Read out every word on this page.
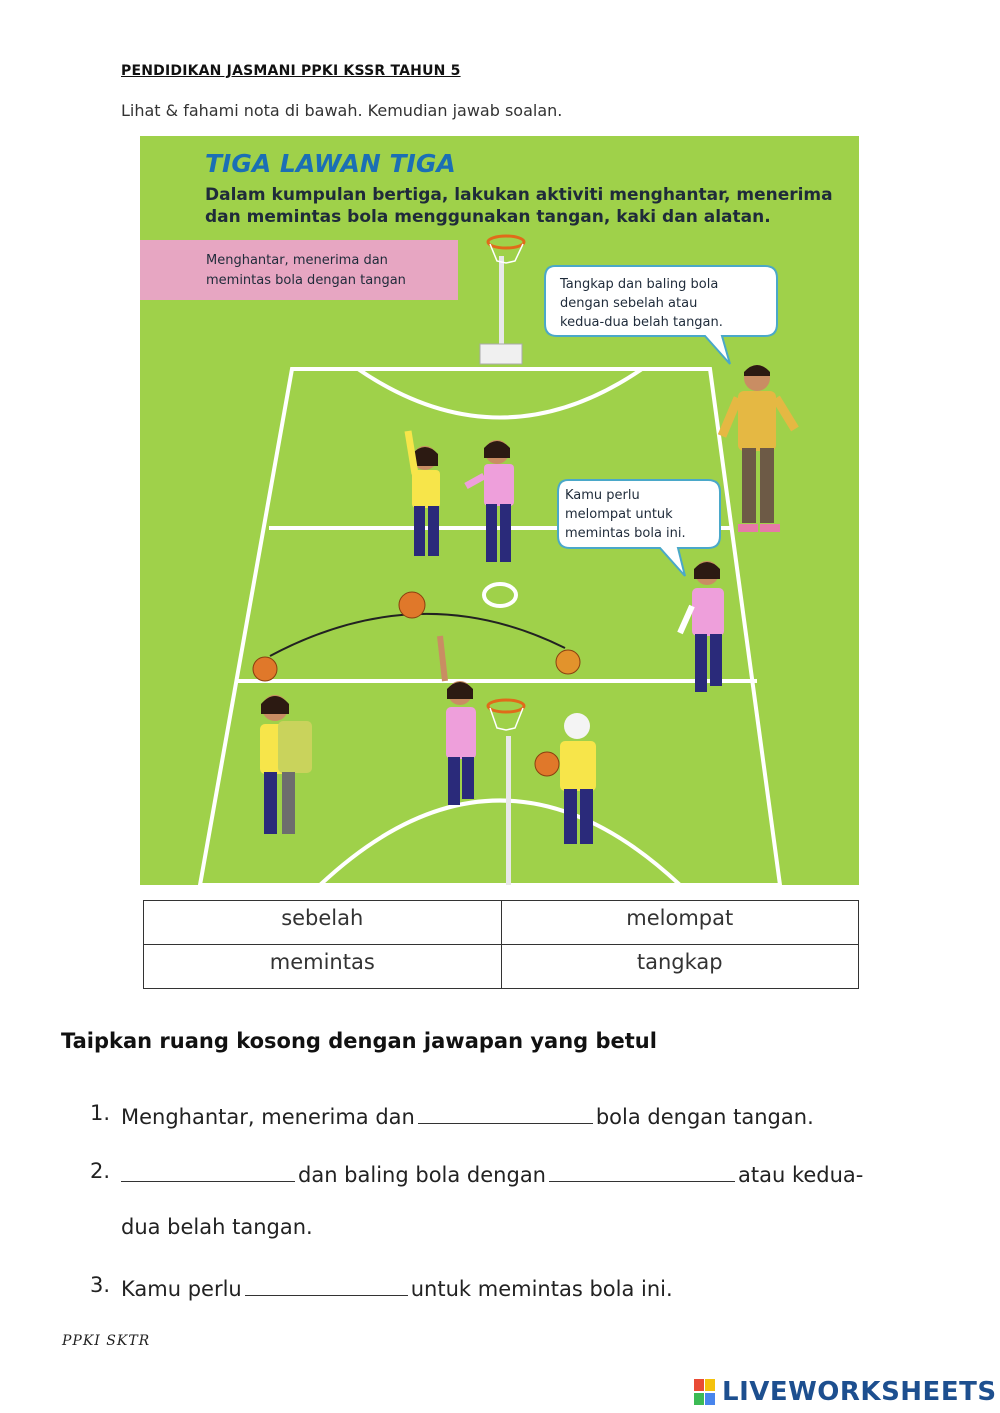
PENDIDIKAN JASMANI PPKI KSSR TAHUN 5
Lihat & fahami nota di bawah. Kemudian jawab soalan.
TIGA LAWAN TIGA
Dalam kumpulan bertiga, lakukan aktiviti menghantar, menerima
dan memintas bola menggunakan tangan, kaki dan alatan.
Menghantar, menerima dan
memintas bola dengan tangan	Tangkap dan baling bola
dengan sebelah atau
kedua-dua belah tangan.
Kamu perlu
melompat untuk
memintas bola ini.
sebelah	melompat

memintas	tangkap
Taipkan ruang kosong dengan jawapan yang betul
1. Menghantar, menerima dan	bola dengan tangan.
2.	dan baling bola dengan	atau kedua-
dua belah tangan.
3. Kamu perlu	untuk memintas bola ini.
PPKI SKTR
LIVEWORKSHEETS
